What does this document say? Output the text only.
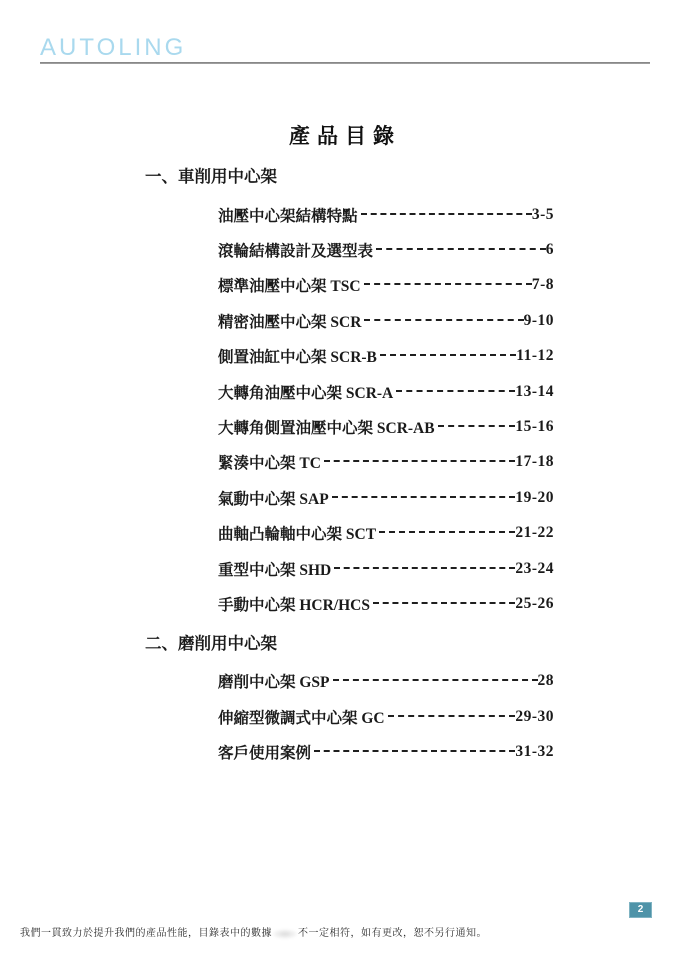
AUTOLING
產品目錄
一、車削用中心架
油壓中心架結構特點	3-5
滾輪結構設計及選型表	6
標準油壓中心架 TSC	7-8
精密油壓中心架 SCR	9-10
側置油缸中心架 SCR-B	11-12
大轉角油壓中心架 SCR-A	13-14
大轉角側置油壓中心架 SCR-AB	15-16
緊湊中心架 TC	17-18
氣動中心架 SAP	19-20
曲軸凸輪軸中心架 SCT	21-22
重型中心架 SHD	23-24
手動中心架 HCR/HCS	25-26
二、磨削用中心架
磨削中心架 GSP	28
伸縮型微調式中心架 GC	29-30
客戶使用案例	31-32
我們一貫致力於提升我們的產品性能，目錄表中的數據	不一定相符，如有更改，恕不另行通知。
2
